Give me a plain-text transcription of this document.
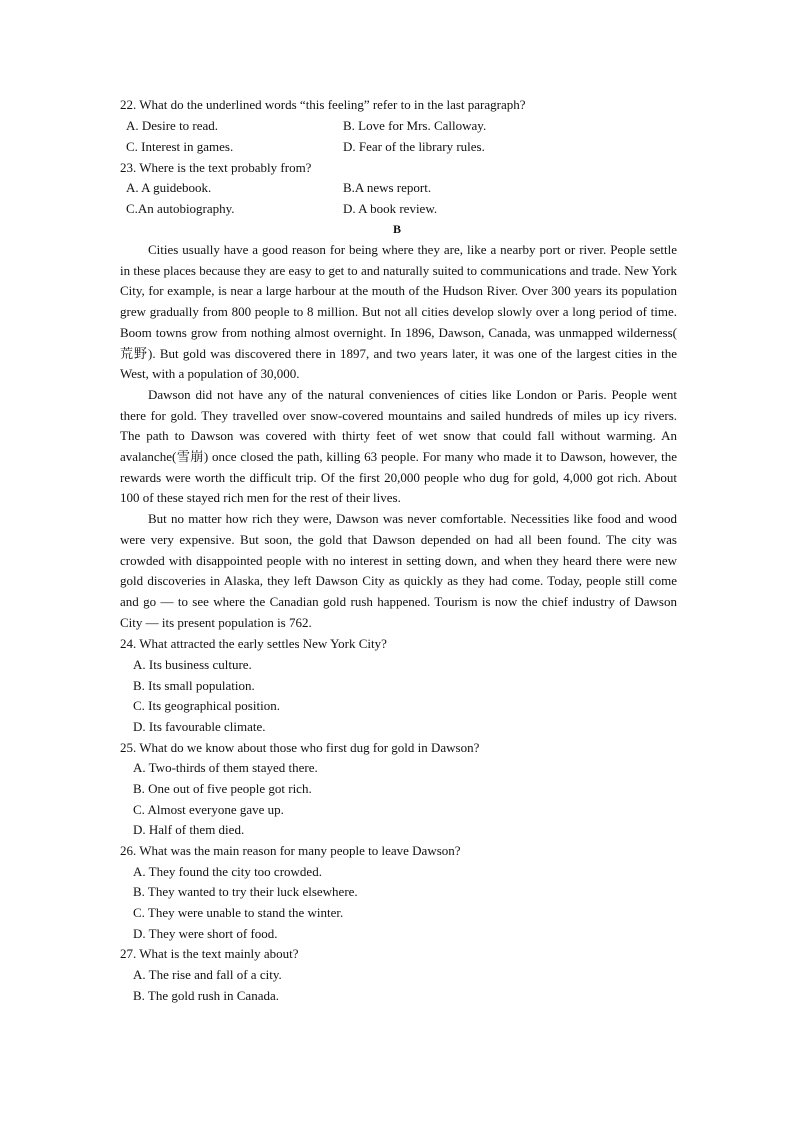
22. What do the underlined words “this feeling” refer to in the last paragraph?
A. Desire to read.	B. Love for Mrs. Calloway.
C. Interest in games.	D. Fear of the library rules.
23. Where is the text probably from?
A. A guidebook.	B.A news report.
C.An autobiography.	D. A book review.
B

Cities usually have a good reason for being where they are, like a nearby port or river. People settle in these places because they are easy to get to and naturally suited to communications and trade. New York City, for example, is near a large harbour at the mouth of the Hudson River. Over 300 years its population grew gradually from 800 people to 8 million. But not all cities develop slowly over a long period of time. Boom towns grow from nothing almost overnight. In 1896, Dawson, Canada, was unmapped wilderness( 荒野). But gold was discovered there in 1897, and two years later, it was one of the largest cities in the West, with a population of 30,000.

Dawson did not have any of the natural conveniences of cities like London or Paris. People went there for gold. They travelled over snow-covered mountains and sailed hundreds of miles up icy rivers. The path to Dawson was covered with thirty feet of wet snow that could fall without warming. An avalanche(雪崩) once closed the path, killing 63 people. For many who made it to Dawson, however, the rewards were worth the difficult trip. Of the first 20,000 people who dug for gold, 4,000 got rich. About 100 of these stayed rich men for the rest of their lives.

But no matter how rich they were, Dawson was never comfortable. Necessities like food and wood were very expensive. But soon, the gold that Dawson depended on had all been found. The city was crowded with disappointed people with no interest in setting down, and when they heard there were new gold discoveries in Alaska, they left Dawson City as quickly as they had come. Today, people still come and go — to see where the Canadian gold rush happened. Tourism is now the chief industry of Dawson City — its present population is 762.

24. What attracted the early settles New York City?
A. Its business culture.
B. Its small population.
C. Its geographical position.
D. Its favourable climate.
25. What do we know about those who first dug for gold in Dawson?
A. Two-thirds of them stayed there.
B. One out of five people got rich.
C. Almost everyone gave up.
D. Half of them died.
26. What was the main reason for many people to leave Dawson?
A. They found the city too crowded.
B. They wanted to try their luck elsewhere.
C. They were unable to stand the winter.
D. They were short of food.
27. What is the text mainly about?
A. The rise and fall of a city.
B. The gold rush in Canada.
